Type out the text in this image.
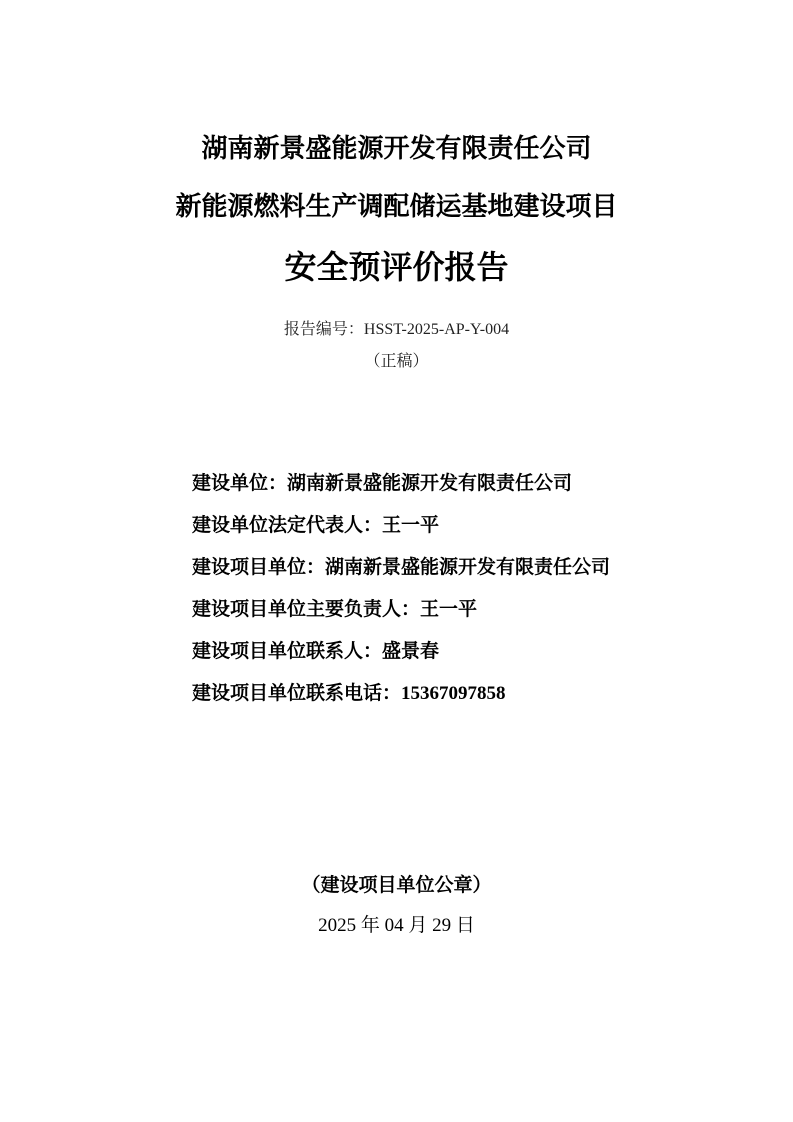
湖南新景盛能源开发有限责任公司
新能源燃料生产调配储运基地建设项目
安全预评价报告
报告编号：HSST-2025-AP-Y-004
（正稿）
建设单位：湖南新景盛能源开发有限责任公司
建设单位法定代表人：王一平
建设项目单位：湖南新景盛能源开发有限责任公司
建设项目单位主要负责人：王一平
建设项目单位联系人：盛景春
建设项目单位联系电话：15367097858
（建设项目单位公章）
2025 年 04 月 29 日
